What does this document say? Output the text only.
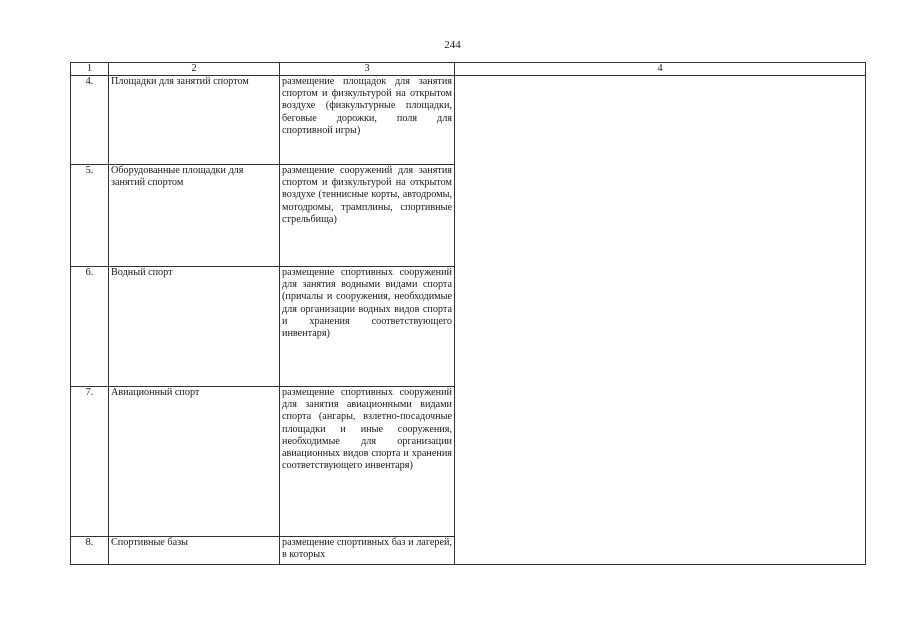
244
1	2	3	4
4.	Площадки для занятий спортом	размещение площадок для занятия спортом и физкультурой на открытом воздухе (физкультурные площадки, беговые дорожки, поля для спортивной игры)	
5.	Оборудованные площадки для занятий спортом	размещение сооружений для занятия спортом и физкультурой на открытом воздухе (теннисные корты, автодромы, мотодромы, трамплины, спортивные стрельбища)	
6.	Водный спорт	размещение спортивных сооружений для занятия водными видами спорта (причалы и сооружения, необходимые для организации водных видов спорта и хранения соответствующего инвентаря)	
7.	Авиационный спорт	размещение спортивных сооружений для занятия авиационными видами спорта (ангары, взлетно-посадочные площадки и иные сооружения, необходимые для организации авиационных видов спорта и хранения соответствующего инвентаря)	
8.	Спортивные базы	размещение спортивных баз и лагерей, в которых	
